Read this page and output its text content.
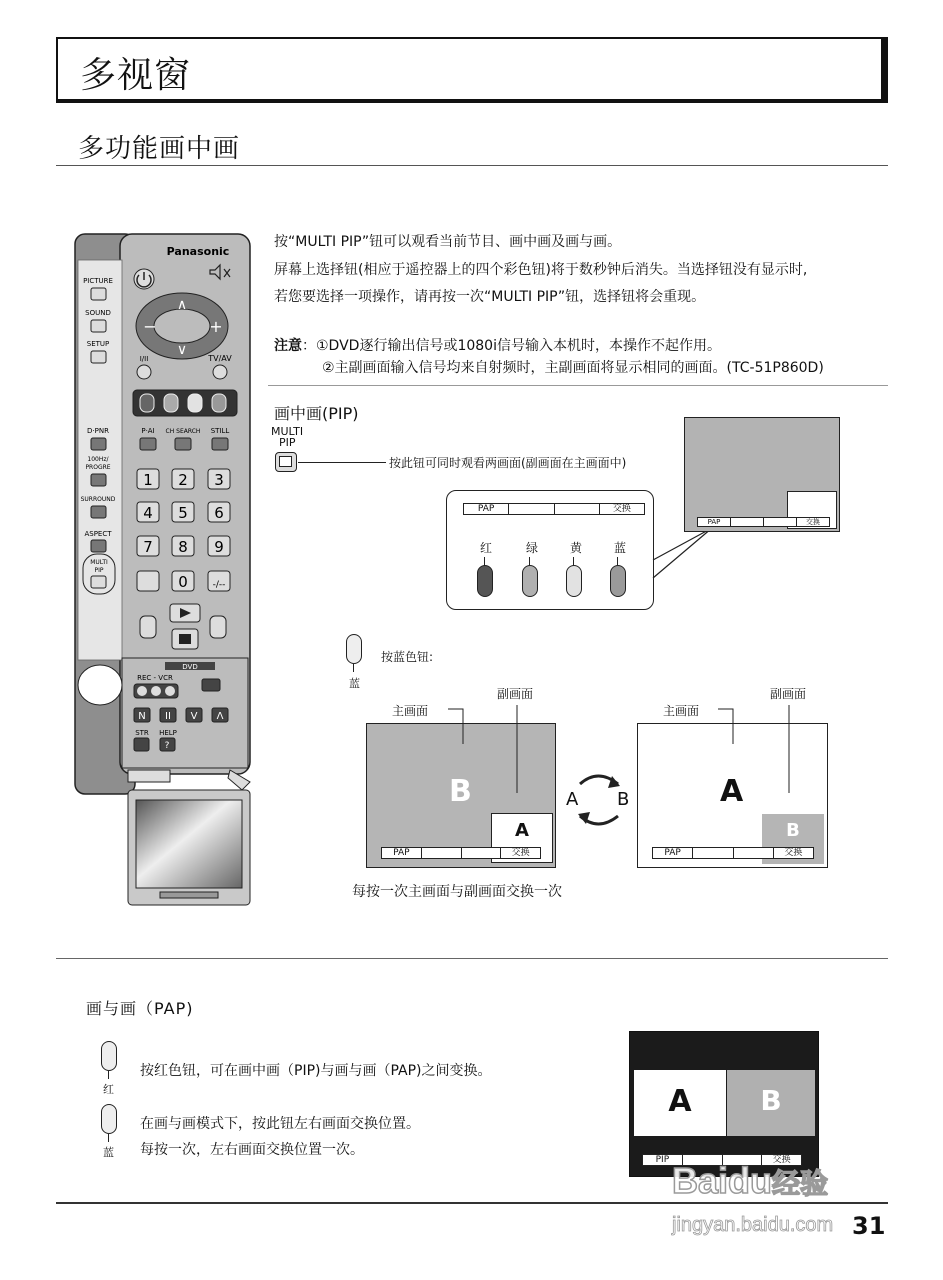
多视窗
多功能画中画
Panasonic
PICTURE
SOUND
SETUP
D·PNR
100Hz/
PROGRE
SURROUND
ASPECT
MULTI
PIP
∧
∨
−	+
I/II	TV/AV
P·AI CH SEARCH STILL
1 2 3
4 5 6
7 8 9
0	-/--
DVD
REC - VCR
N II V Λ
STR HELP
?
按“MULTI PIP”钮可以观看当前节目、画中画及画与画。
屏幕上选择钮(相应于遥控器上的四个彩色钮)将于数秒钟后消失。当选择钮没有显示时,
若您要选择一项操作，请再按一次“MULTI PIP”钮，选择钮将会重现。
注意：①DVD逐行输出信号或1080i信号输入本机时，本操作不起作用。
②主副画面输入信号均来自射频时，主副画面将显示相同的画面。(TC-51P860D)
画中画(PIP)
MULTI
PIP
按此钮可同时观看两画面(副画面在主画面中)
PAP	交换
红	绿	黄	蓝
PAP	交换
蓝
按蓝色钮:
主画面
副画面
B
A
PAP	交换
A B
主画面
副画面
A
B
PAP	交换
每按一次主画面与副画面交换一次
画与画（PAP)
红
按红色钮，可在画中画（PIP)与画与画（PAP)之间变换。
蓝
在画与画模式下，按此钮左右画面交换位置。
每按一次，左右画面交换位置一次。
A	B
PIP	交换
31
Baidu经验
jingyan.baidu.com
